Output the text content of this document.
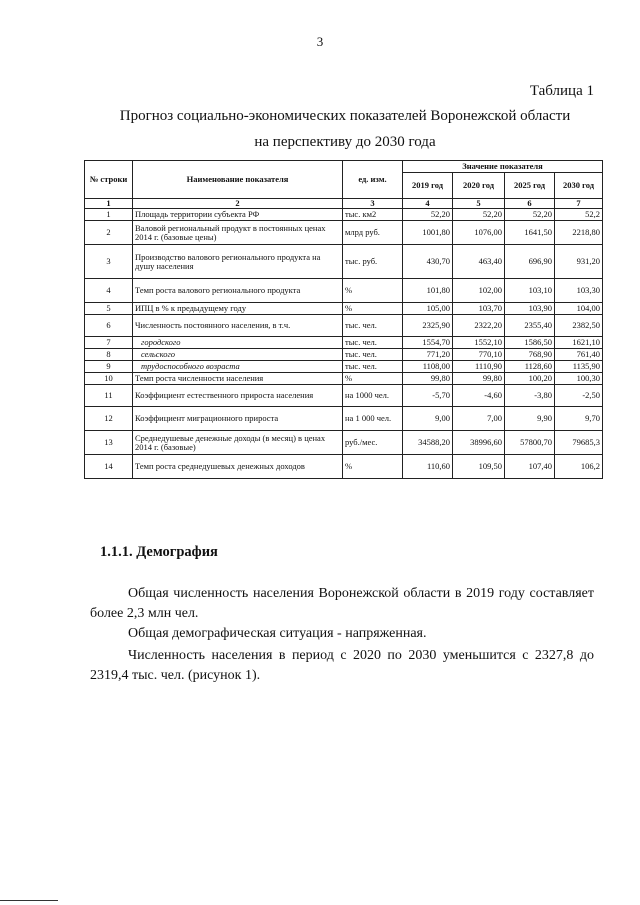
3
Таблица 1
Прогноз социально-экономических показателей Воронежской области
на перспективу до 2030 года
№ строки	Наименование показателя	ед. изм.	Значение показателя			
			2019 год	2020 год	2025 год	2030 год
1	2	3	4	5	6	7
1	Площадь территории субъекта РФ	тыс. км2	52,20	52,20	52,20	52,2
2	Валовой региональный продукт в постоянных ценах 2014 г. (базовые цены)	млрд руб.	1001,80	1076,00	1641,50	2218,80
3	Производство валового регионального продукта на душу населения	тыс. руб.	430,70	463,40	696,90	931,20
4	Темп роста валового регионального продукта	%	101,80	102,00	103,10	103,30
5	ИПЦ в % к предыдущему году	%	105,00	103,70	103,90	104,00
6	Численность постоянного населения, в т.ч.	тыс. чел.	2325,90	2322,20	2355,40	2382,50
7	городского	тыс. чел.	1554,70	1552,10	1586,50	1621,10
8	сельского	тыс. чел.	771,20	770,10	768,90	761,40
9	трудоспособного возраста	тыс. чел.	1108,00	1110,90	1128,60	1135,90
10	Темп роста численности населения	%	99,80	99,80	100,20	100,30
11	Коэффициент естественного прироста населения	на 1000 чел.	-5,70	-4,60	-3,80	-2,50
12	Коэффициент миграционного прироста	на 1 000 чел.	9,00	7,00	9,90	9,70
13	Среднедушевые денежные доходы (в месяц) в ценах 2014 г. (базовые)	руб./мес.	34588,20	38996,60	57800,70	79685,3
14	Темп роста среднедушевых денежных доходов	%	110,60	109,50	107,40	106,2
1.1.1. Демография
Общая численность населения Воронежской области в 2019 году составляет более 2,3 млн чел.
Общая демографическая ситуация - напряженная.
Численность населения в период с 2020 по 2030 уменьшится с 2327,8 до 2319,4 тыс. чел. (рисунок 1).
